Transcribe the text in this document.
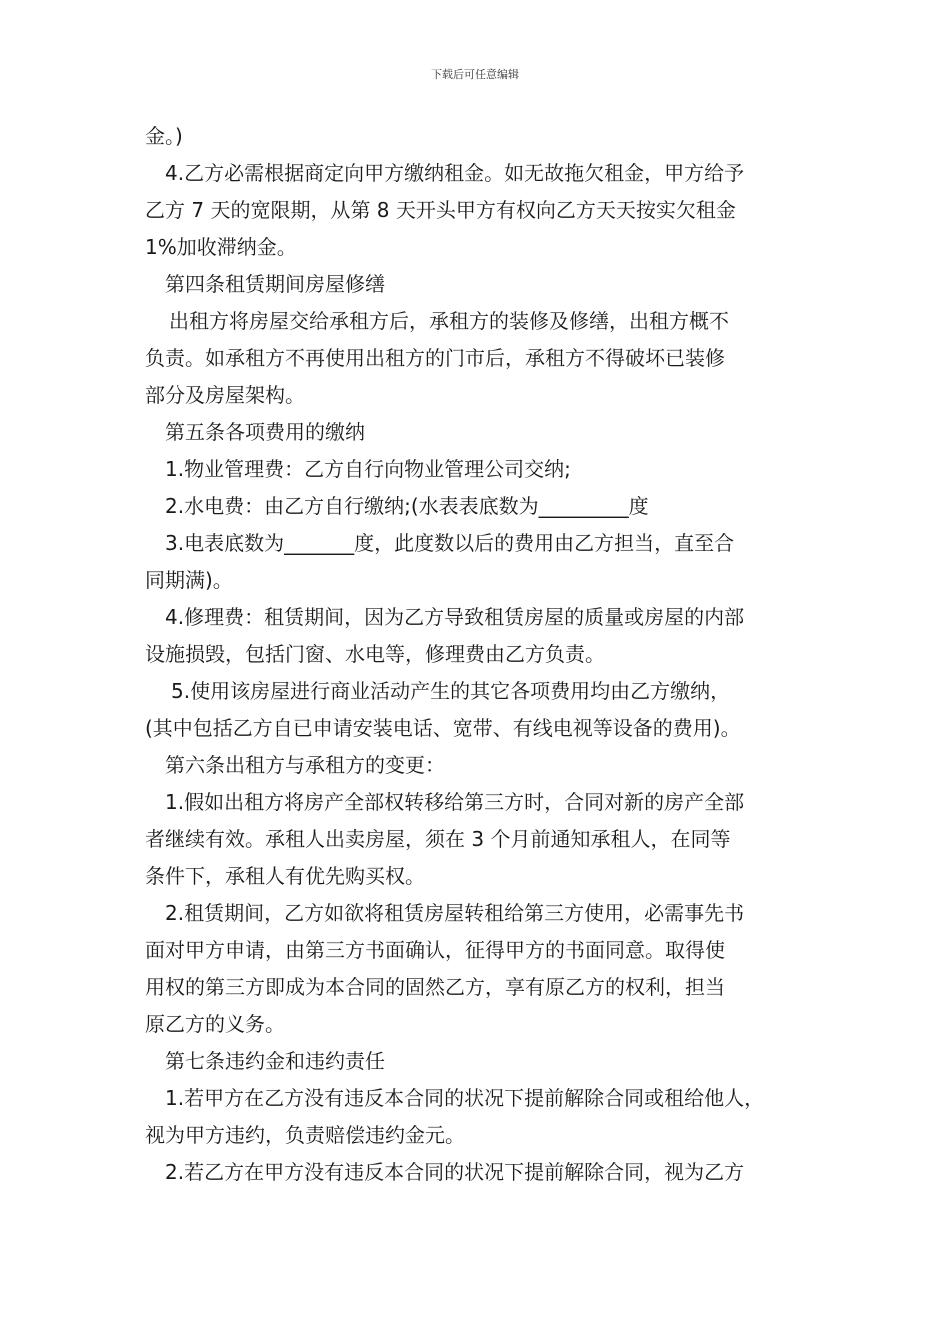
下载后可任意编辑
金。)
4.乙方必需根据商定向甲方缴纳租金。如无故拖欠租金，甲方给予
乙方 7 天的宽限期，从第 8 天开头甲方有权向乙方天天按实欠租金
1%加收滞纳金。
第四条租赁期间房屋修缮
出租方将房屋交给承租方后，承租方的装修及修缮，出租方概不
负责。如承租方不再使用出租方的门市后，承租方不得破坏已装修
部分及房屋架构。
第五条各项费用的缴纳
1.物业管理费：乙方自行向物业管理公司交纳;
2.水电费：由乙方自行缴纳;(水表表底数为_________度
3.电表底数为_______度，此度数以后的费用由乙方担当，直至合
同期满)。
4.修理费：租赁期间，因为乙方导致租赁房屋的质量或房屋的内部
设施损毁，包括门窗、水电等，修理费由乙方负责。
5.使用该房屋进行商业活动产生的其它各项费用均由乙方缴纳，
(其中包括乙方自已申请安装电话、宽带、有线电视等设备的费用)。
第六条出租方与承租方的变更：
1.假如出租方将房产全部权转移给第三方时，合同对新的房产全部
者继续有效。承租人出卖房屋，须在 3 个月前通知承租人，在同等
条件下，承租人有优先购买权。
2.租赁期间，乙方如欲将租赁房屋转租给第三方使用，必需事先书
面对甲方申请，由第三方书面确认，征得甲方的书面同意。取得使
用权的第三方即成为本合同的固然乙方，享有原乙方的权利，担当
原乙方的义务。
第七条违约金和违约责任
1.若甲方在乙方没有违反本合同的状况下提前解除合同或租给他人，
视为甲方违约，负责赔偿违约金元。
2.若乙方在甲方没有违反本合同的状况下提前解除合同，视为乙方
